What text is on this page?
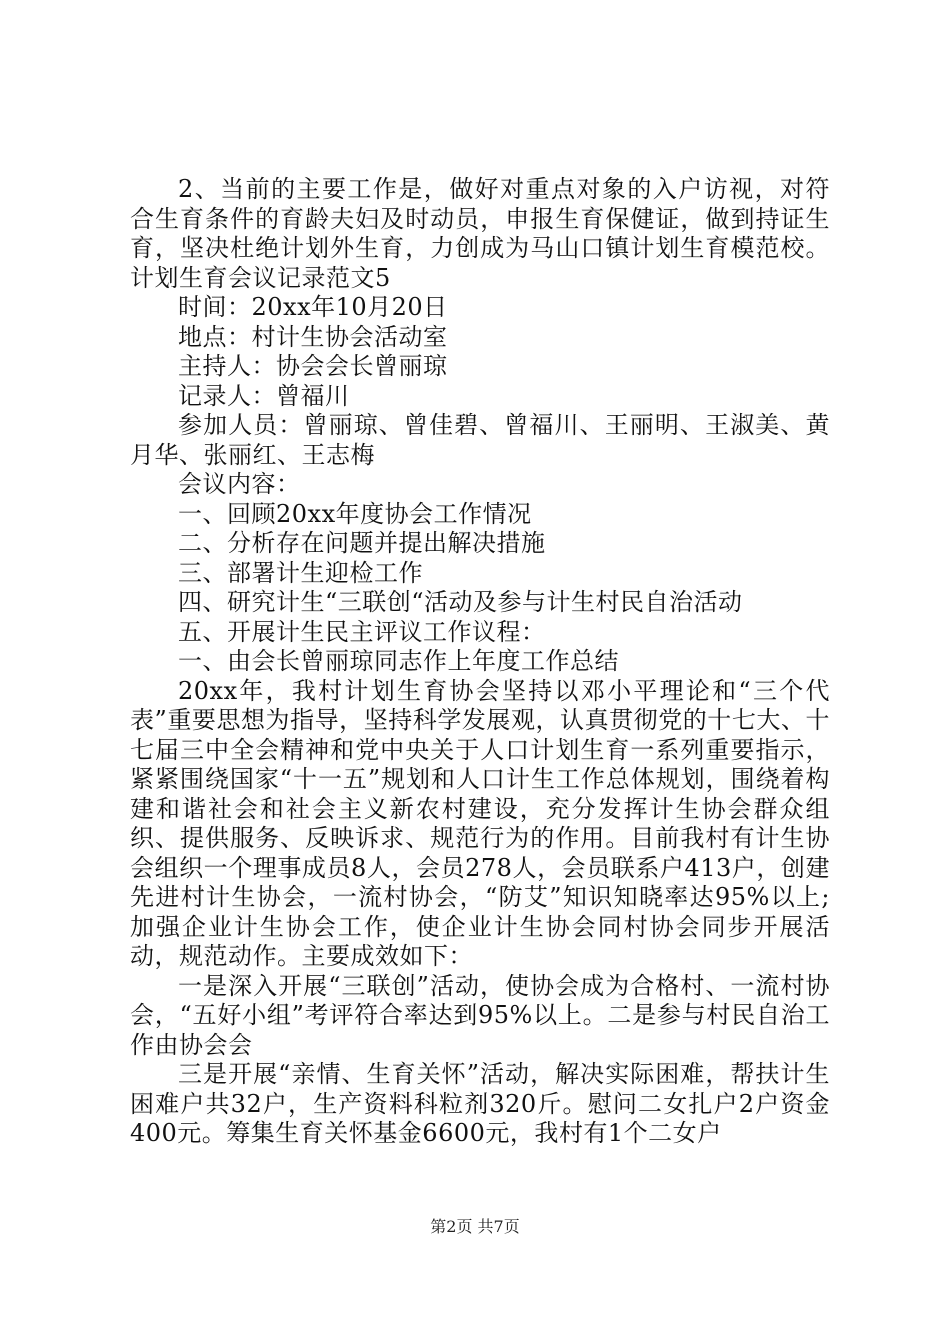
2、当前的主要工作是，做好对重点对象的入户访视，对符合生育条件的育龄夫妇及时动员，申报生育保健证，做到持证生育，坚决杜绝计划外生育，力创成为马山口镇计划生育模范校。计划生育会议记录范文5

时间：20xx年10月20日

地点：村计生协会活动室

主持人：协会会长曾丽琼

记录人：曾福川

参加人员：曾丽琼、曾佳碧、曾福川、王丽明、王淑美、黄月华、张丽红、王志梅

会议内容：

一、回顾20xx年度协会工作情况

二、分析存在问题并提出解决措施

三、部署计生迎检工作

四、研究计生“三联创“活动及参与计生村民自治活动

五、开展计生民主评议工作议程：

一、由会长曾丽琼同志作上年度工作总结

20xx年，我村计划生育协会坚持以邓小平理论和“三个代表”重要思想为指导，坚持科学发展观，认真贯彻党的十七大、十七届三中全会精神和党中央关于人口计划生育一系列重要指示，紧紧围绕国家“十一五”规划和人口计生工作总体规划，围绕着构建和谐社会和社会主义新农村建设，充分发挥计生协会群众组织、提供服务、反映诉求、规范行为的作用。目前我村有计生协会组织一个理事成员8人，会员278人，会员联系户413户，创建先进村计生协会，一流村协会，“防艾”知识知晓率达95%以上;加强企业计生协会工作，使企业计生协会同村协会同步开展活动，规范动作。主要成效如下：

一是深入开展“三联创”活动，使协会成为合格村、一流村协会，“五好小组”考评符合率达到95%以上。二是参与村民自治工作由协会会

三是开展“亲情、生育关怀”活动，解决实际困难，帮扶计生困难户共32户，生产资料科粒剂320斤。慰问二女扎户2户资金400元。筹集生育关怀基金6600元，我村有1个二女户

第2页 共7页
